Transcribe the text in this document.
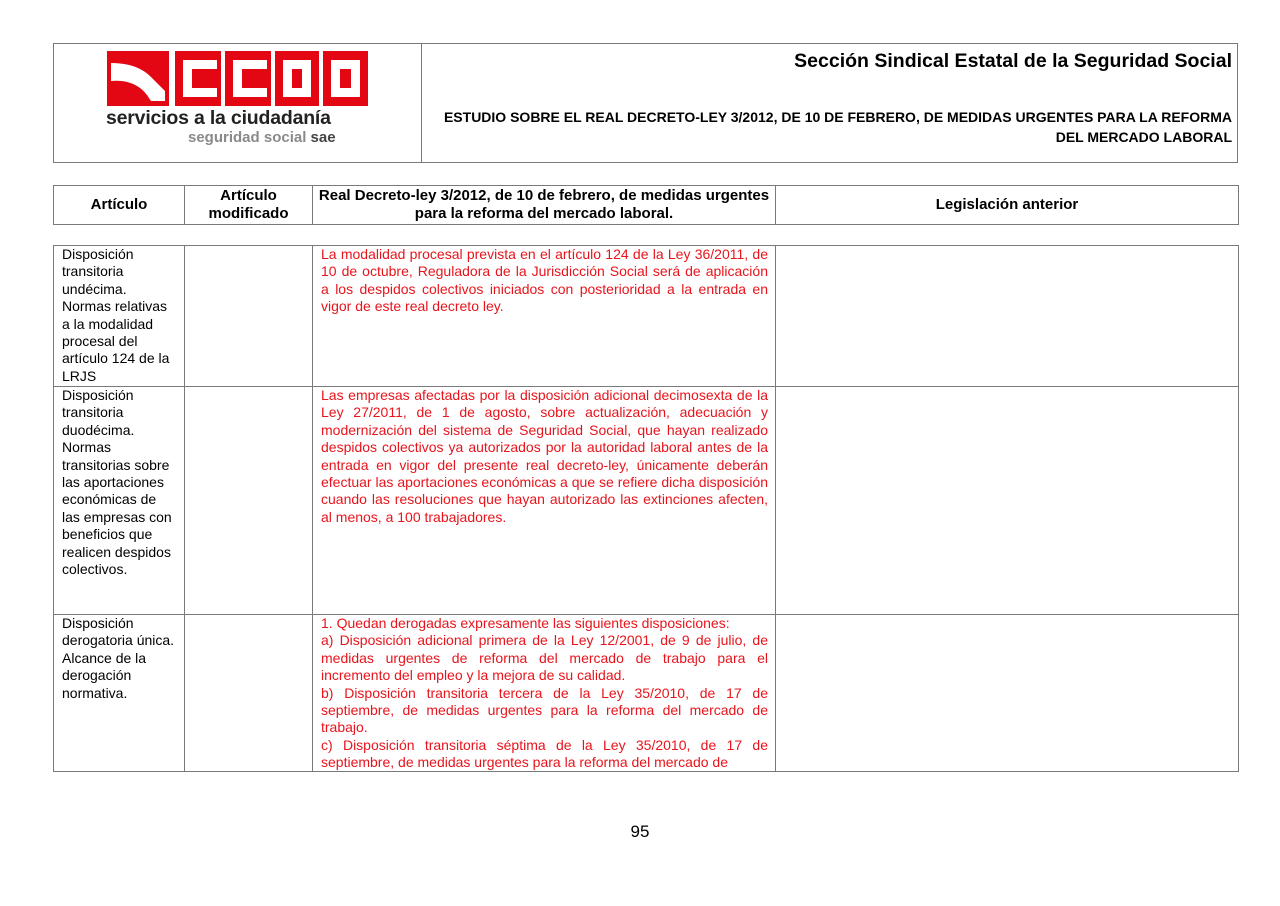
servicios a la ciudadanía
seguridad social sae
Sección Sindical Estatal de la Seguridad Social
ESTUDIO SOBRE EL REAL DECRETO-LEY 3/2012, DE 10 DE FEBRERO, DE MEDIDAS URGENTES PARA LA REFORMA DEL MERCADO LABORAL
Artículo	Artículo modificado	Real Decreto-ley 3/2012, de 10 de febrero, de medidas urgentes para la reforma del mercado laboral.	Legislación anterior
Disposición transitoria undécima. Normas relativas a la modalidad procesal del artículo 124 de la LRJS		La modalidad procesal prevista en el artículo 124 de la Ley 36/2011, de 10 de octubre, Reguladora de la Jurisdicción Social será de aplicación a los despidos colectivos iniciados con posterioridad a la entrada en vigor de este real decreto ley.	

Disposición transitoria duodécima. Normas transitorias sobre las aportaciones económicas de las empresas con beneficios que realicen despidos colectivos.		Las empresas afectadas por la disposición adicional decimosexta de la Ley 27/2011, de 1 de agosto, sobre actualización, adecuación y modernización del sistema de Seguridad Social, que hayan realizado despidos colectivos ya autorizados por la autoridad laboral antes de la entrada en vigor del presente real decreto-ley, únicamente deberán efectuar las aportaciones económicas a que se refiere dicha disposición cuando las resoluciones que hayan autorizado las extinciones afecten, al menos, a 100 trabajadores.	

Disposición derogatoria única. Alcance de la derogación normativa.		1. Quedan derogadas expresamente las siguientes disposiciones:
a) Disposición adicional primera de la Ley 12/2001, de 9 de julio, de medidas urgentes de reforma del mercado de trabajo para el incremento del empleo y la mejora de su calidad.
b) Disposición transitoria tercera de la Ley 35/2010, de 17 de septiembre, de medidas urgentes para la reforma del mercado de trabajo.
c) Disposición transitoria séptima de la Ley 35/2010, de 17 de septiembre, de medidas urgentes para la reforma del mercado de	

95
